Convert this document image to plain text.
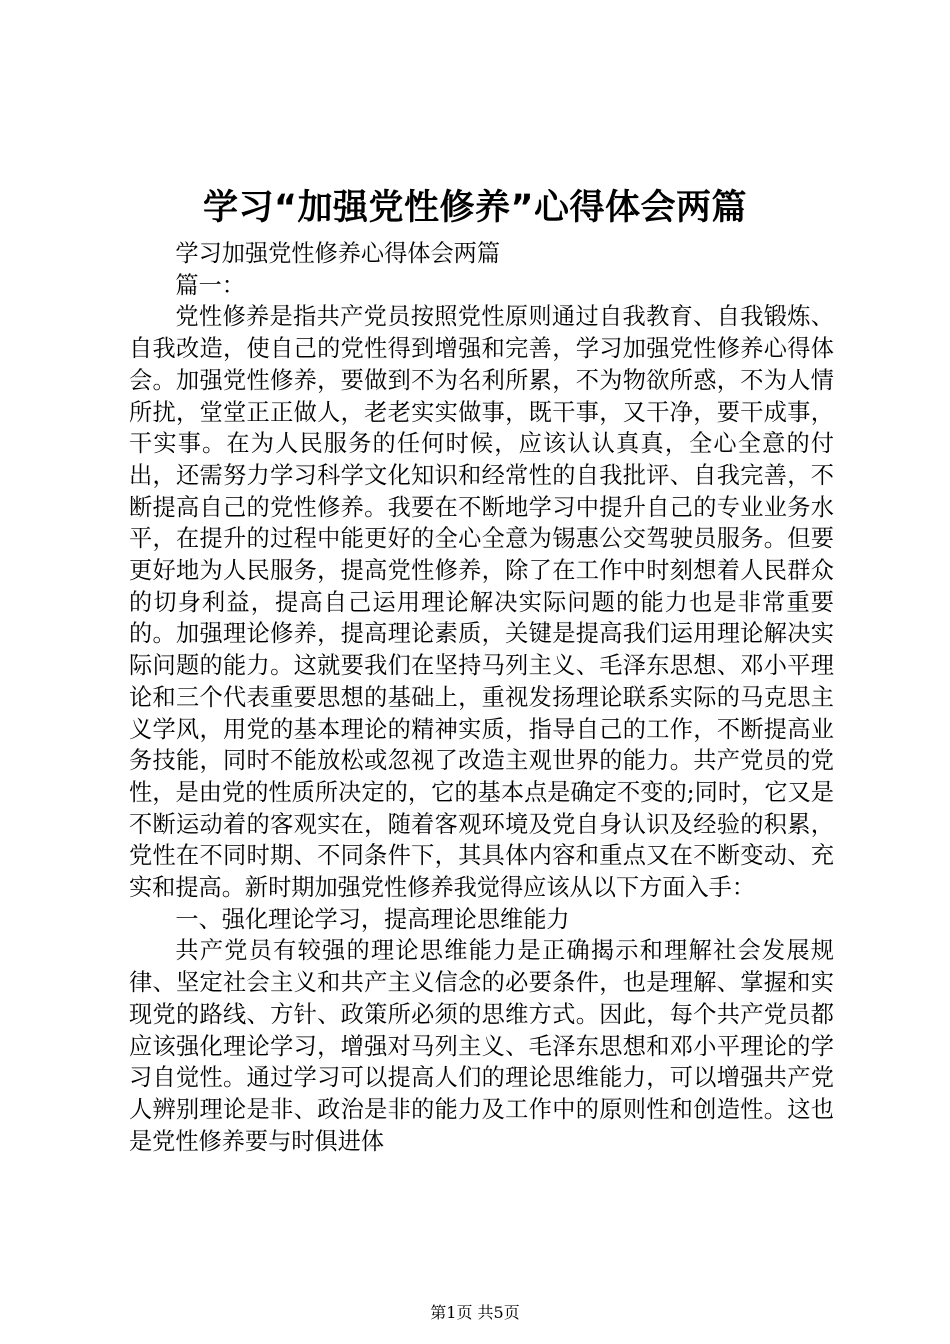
学习“加强党性修养”心得体会两篇

学习加强党性修养心得体会两篇

篇一：

党性修养是指共产党员按照党性原则通过自我教育、自我锻炼、自我改造，使自己的党性得到增强和完善，学习加强党性修养心得体会。加强党性修养，要做到不为名利所累，不为物欲所惑，不为人情所扰，堂堂正正做人，老老实实做事，既干事，又干净，要干成事，干实事。在为人民服务的任何时候，应该认认真真，全心全意的付出，还需努力学习科学文化知识和经常性的自我批评、自我完善，不断提高自己的党性修养。我要在不断地学习中提升自己的专业业务水平，在提升的过程中能更好的全心全意为锡惠公交驾驶员服务。但要更好地为人民服务，提高党性修养，除了在工作中时刻想着人民群众的切身利益，提高自己运用理论解决实际问题的能力也是非常重要的。加强理论修养，提高理论素质，关键是提高我们运用理论解决实际问题的能力。这就要我们在坚持马列主义、毛泽东思想、邓小平理论和三个代表重要思想的基础上，重视发扬理论联系实际的马克思主义学风，用党的基本理论的精神实质，指导自己的工作，不断提高业务技能，同时不能放松或忽视了改造主观世界的能力。共产党员的党性，是由党的性质所决定的，它的基本点是确定不变的;同时，它又是不断运动着的客观实在，随着客观环境及党自身认识及经验的积累，党性在不同时期、不同条件下，其具体内容和重点又在不断变动、充实和提高。新时期加强党性修养我觉得应该从以下方面入手：

一、强化理论学习，提高理论思维能力

共产党员有较强的理论思维能力是正确揭示和理解社会发展规律、坚定社会主义和共产主义信念的必要条件，也是理解、掌握和实现党的路线、方针、政策所必须的思维方式。因此，每个共产党员都应该强化理论学习，增强对马列主义、毛泽东思想和邓小平理论的学习自觉性。通过学习可以提高人们的理论思维能力，可以增强共产党人辨别理论是非、政治是非的能力及工作中的原则性和创造性。这也是党性修养要与时俱进体

第1页 共5页
